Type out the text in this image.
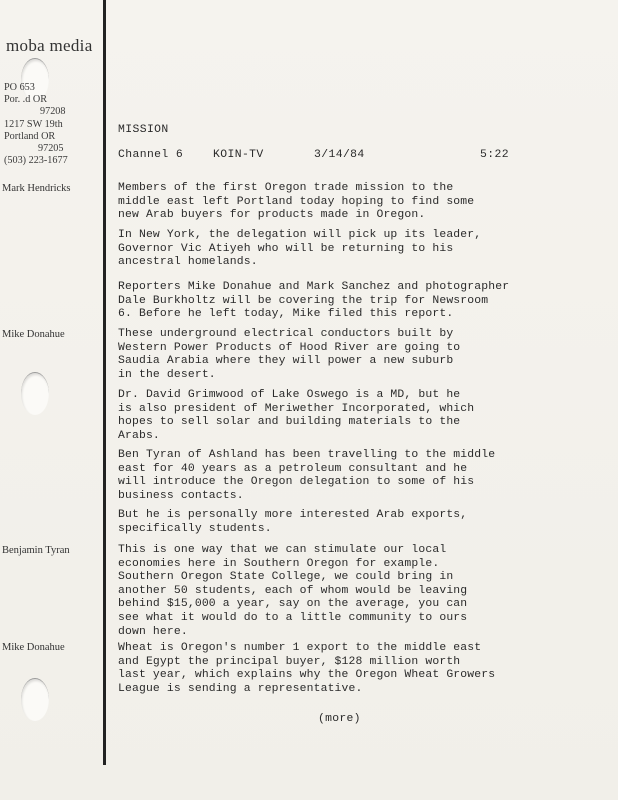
moba media
PO 653
Por. .d OR
97208
1217 SW 19th
Portland OR
97205
(503) 223-1677
MISSION
Channel 6	KOIN-TV	3/14/84	5:22
Mark Hendricks
Mike Donahue
Benjamin Tyran
Mike Donahue
Members of the first Oregon trade mission to the
middle east left Portland today hoping to find some
new Arab buyers for products made in Oregon.
In New York, the delegation will pick up its leader,
Governor Vic Atiyeh who will be returning to his
ancestral homelands.
Reporters Mike Donahue and Mark Sanchez and photographer
Dale Burkholtz will be covering the trip for Newsroom
6. Before he left today, Mike filed this report.
These underground electrical conductors built by
Western Power Products of Hood River are going to
Saudia Arabia where they will power a new suburb
in the desert.
Dr. David Grimwood of Lake Oswego is a MD, but he
is also president of Meriwether Incorporated, which
hopes to sell solar and building materials to the
Arabs.
Ben Tyran of Ashland has been travelling to the middle
east for 40 years as a petroleum consultant and he
will introduce the Oregon delegation to some of his
business contacts.
But he is personally more interested Arab exports,
specifically students.
This is one way that we can stimulate our local
economies here in Southern Oregon for example.
Southern Oregon State College, we could bring in
another 50 students, each of whom would be leaving
behind $15,000 a year, say on the average, you can
see what it would do to a little community to ours
down here.
Wheat is Oregon's number 1 export to the middle east
and Egypt the principal buyer, $128 million worth
last year, which explains why the Oregon Wheat Growers
League is sending a representative.
(more)
